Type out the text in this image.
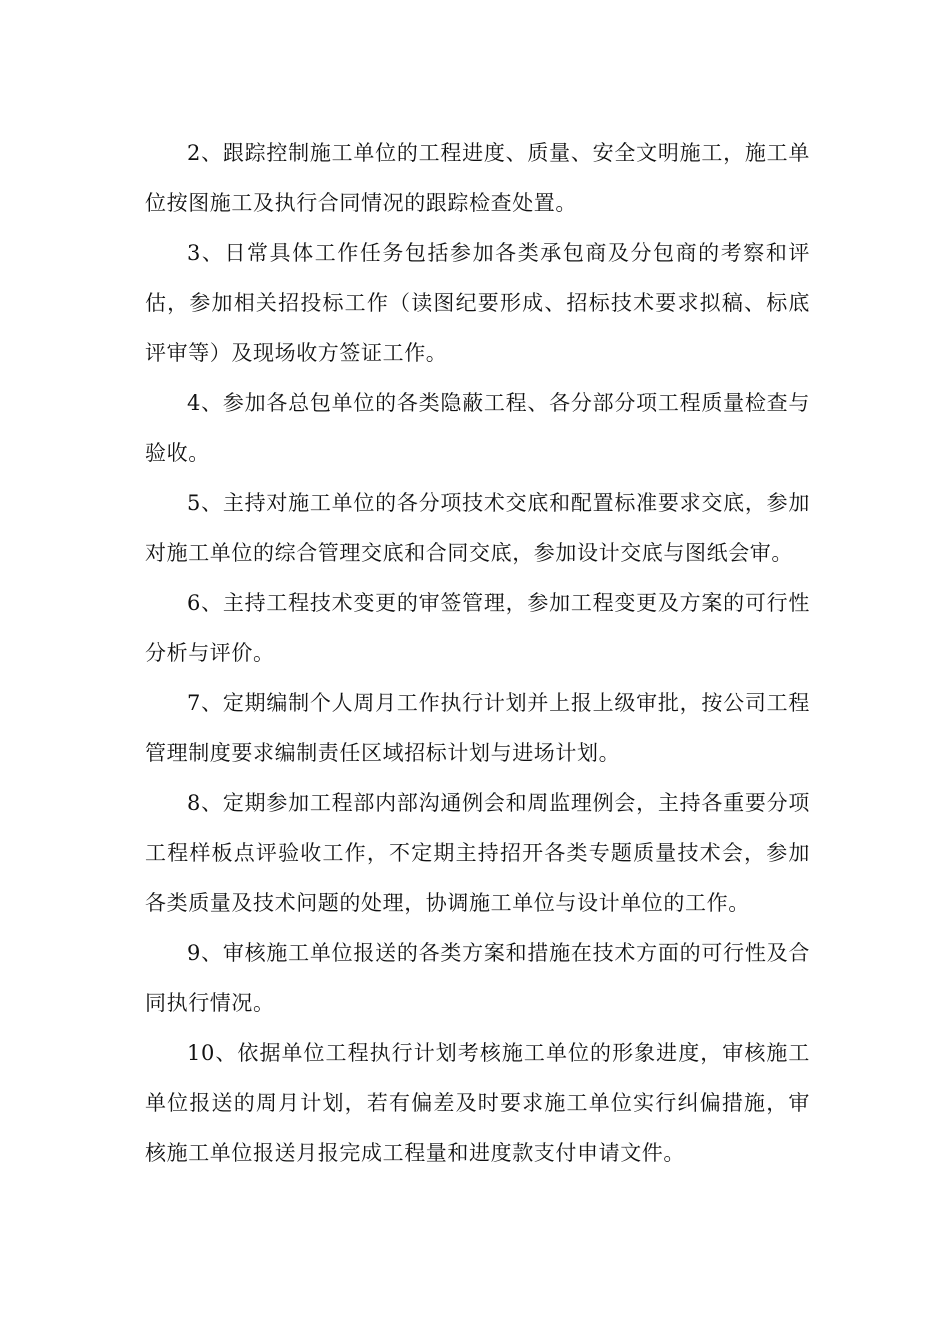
2、跟踪控制施工单位的工程进度、质量、安全文明施工，施工单位按图施工及执行合同情况的跟踪检查处置。

3、日常具体工作任务包括参加各类承包商及分包商的考察和评估，参加相关招投标工作（读图纪要形成、招标技术要求拟稿、标底评审等）及现场收方签证工作。

4、参加各总包单位的各类隐蔽工程、各分部分项工程质量检查与验收。

5、主持对施工单位的各分项技术交底和配置标准要求交底，参加对施工单位的综合管理交底和合同交底，参加设计交底与图纸会审。

6、主持工程技术变更的审签管理，参加工程变更及方案的可行性分析与评价。

7、定期编制个人周月工作执行计划并上报上级审批，按公司工程管理制度要求编制责任区域招标计划与进场计划。

8、定期参加工程部内部沟通例会和周监理例会，主持各重要分项工程样板点评验收工作，不定期主持招开各类专题质量技术会，参加各类质量及技术问题的处理，协调施工单位与设计单位的工作。

9、审核施工单位报送的各类方案和措施在技术方面的可行性及合同执行情况。

10、依据单位工程执行计划考核施工单位的形象进度，审核施工单位报送的周月计划，若有偏差及时要求施工单位实行纠偏措施，审核施工单位报送月报完成工程量和进度款支付申请文件。
